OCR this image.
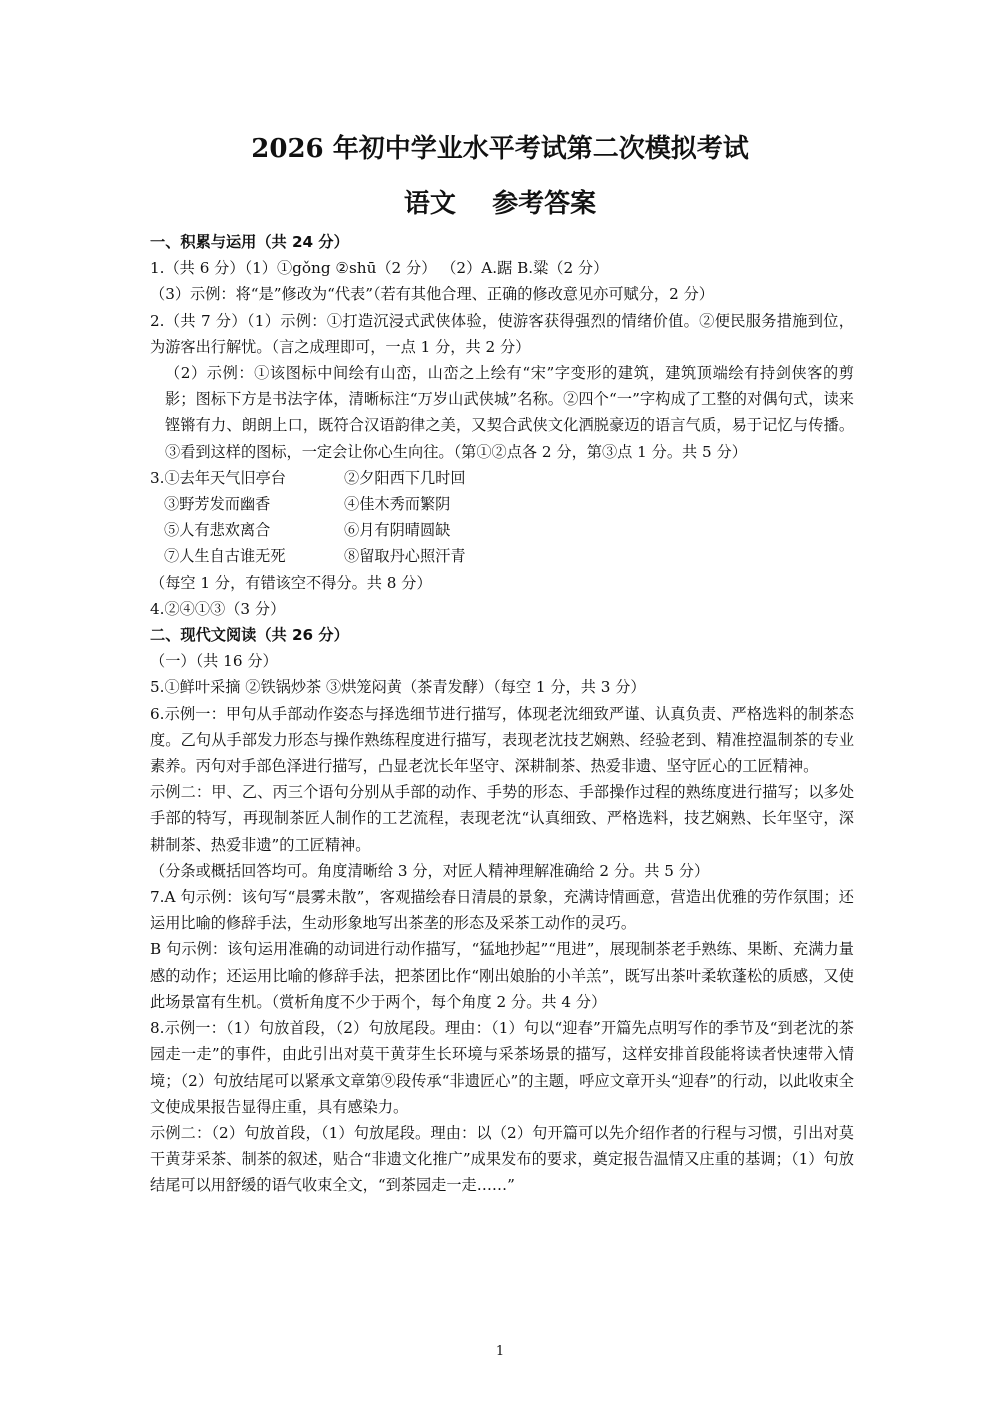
2026 年初中学业水平考试第二次模拟考试
语文    参考答案

一、积累与运用（共 24 分）

1.（共 6 分）（1）①gǒng ②shū（2 分） （2）A.踞 B.粱（2 分）

（3）示例：将“是”修改为“代表”（若有其他合理、正确的修改意见亦可赋分，2 分）

2.（共 7 分）（1）示例：①打造沉浸式武侠体验，使游客获得强烈的情绪价值。②便民服务措施到位，为游客出行解忧。（言之成理即可，一点 1 分，共 2 分）

（2）示例：①该图标中间绘有山峦，山峦之上绘有“宋”字变形的建筑，建筑顶端绘有持剑侠客的剪影；图标下方是书法字体，清晰标注“万岁山武侠城”名称。②四个“一”字构成了工整的对偶句式，读来铿锵有力、朗朗上口，既符合汉语韵律之美，又契合武侠文化洒脱豪迈的语言气质，易于记忆与传播。③看到这样的图标，一定会让你心生向往。（第①②点各 2 分，第③点 1 分。共 5 分）

3.①去年天气旧亭台	②夕阳西下几时回
③野芳发而幽香	④佳木秀而繁阴
⑤人有悲欢离合	⑥月有阴晴圆缺
⑦人生自古谁无死	⑧留取丹心照汗青

（每空 1 分，有错该空不得分。共 8 分）

4.②④①③（3 分）

二、现代文阅读（共 26 分）

（一）（共 16 分）

5.①鲜叶采摘 ②铁锅炒茶 ③烘笼闷黄（茶青发酵）（每空 1 分，共 3 分）

6.示例一：甲句从手部动作姿态与择选细节进行描写，体现老沈细致严谨、认真负责、严格选料的制茶态度。乙句从手部发力形态与操作熟练程度进行描写，表现老沈技艺娴熟、经验老到、精准控温制茶的专业素养。丙句对手部色泽进行描写，凸显老沈长年坚守、深耕制茶、热爱非遗、坚守匠心的工匠精神。

示例二：甲、乙、丙三个语句分别从手部的动作、手势的形态、手部操作过程的熟练度进行描写；以多处手部的特写，再现制茶匠人制作的工艺流程，表现老沈“认真细致、严格选料，技艺娴熟、长年坚守，深耕制茶、热爱非遗”的工匠精神。

（分条或概括回答均可。角度清晰给 3 分，对匠人精神理解准确给 2 分。共 5 分）

7.A 句示例：该句写“晨雾未散”，客观描绘春日清晨的景象，充满诗情画意，营造出优雅的劳作氛围；还运用比喻的修辞手法，生动形象地写出茶垄的形态及采茶工动作的灵巧。

B 句示例：该句运用准确的动词进行动作描写，“猛地抄起”“甩进”，展现制茶老手熟练、果断、充满力量感的动作；还运用比喻的修辞手法，把茶团比作“刚出娘胎的小羊羔”，既写出茶叶柔软蓬松的质感，又使此场景富有生机。（赏析角度不少于两个，每个角度 2 分。共 4 分）

8.示例一：（1）句放首段，（2）句放尾段。理由：（1）句以“迎春”开篇先点明写作的季节及“到老沈的茶园走一走”的事件，由此引出对莫干黄芽生长环境与采茶场景的描写，这样安排首段能将读者快速带入情境；（2）句放结尾可以紧承文章第⑨段传承“非遗匠心”的主题，呼应文章开头“迎春”的行动，以此收束全文使成果报告显得庄重，具有感染力。

示例二：（2）句放首段，（1）句放尾段。理由：以（2）句开篇可以先介绍作者的行程与习惯，引出对莫干黄芽采茶、制茶的叙述，贴合“非遗文化推广”成果发布的要求，奠定报告温情又庄重的基调；（1）句放结尾可以用舒缓的语气收束全文，“到茶园走一走……”

1
